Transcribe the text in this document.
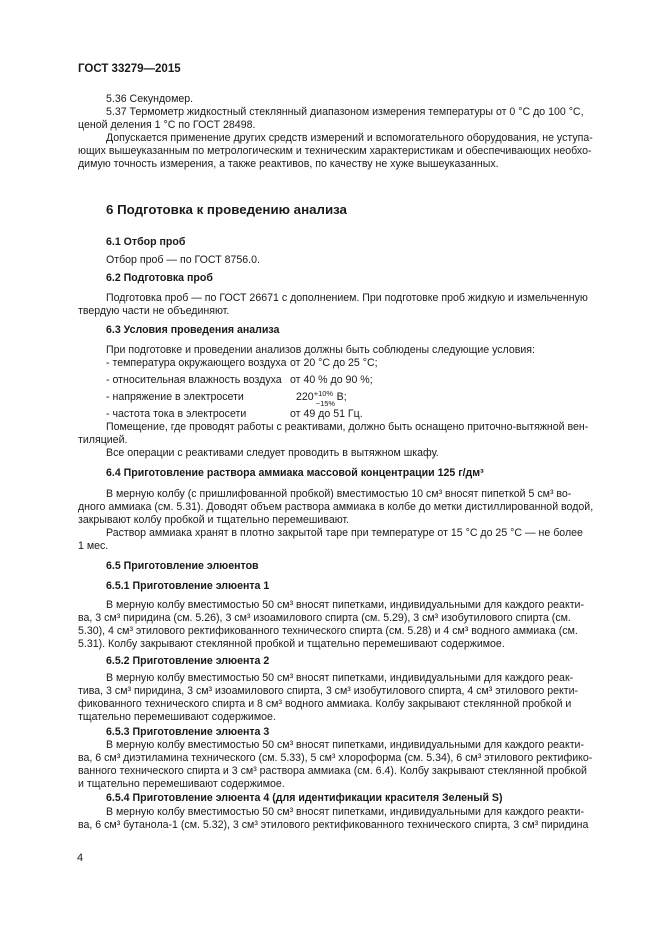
ГОСТ 33279—2015
6 Подготовка к проведению анализа
5.36 Секундомер.
5.37 Термометр жидкостный стеклянный диапазоном измерения температуры от 0 °C до 100 °C,
ценой деления 1 °C по ГОСТ 28498.
Допускается применение других средств измерений и вспомогательного оборудования, не уступа-
ющих вышеуказанным по метрологическим и техническим характеристикам и обеспечивающих необхо-
димую точность измерения, а также реактивов, по качеству не хуже вышеуказанных.
6.1 Отбор проб
Отбор проб — по ГОСТ 8756.0.
6.2 Подготовка проб
Подготовка проб — по ГОСТ 26671 с дополнением. При подготовке проб жидкую и измельченную
твердую части не объединяют.
6.3 Условия проведения анализа
При подготовке и проведении анализов должны быть соблюдены следующие условия:
- температура окружающего воздуха от 20 °C до 25 °C;
- относительная влажность воздуха от 40 % до 90 %;
- напряжение в электросети
- частота тока в электросети	от 49 до 51 Гц.
Помещение, где проводят работы с реактивами, должно быть оснащено приточно-вытяжной вен-
тиляцией.
Все операции с реактивами следует проводить в вытяжном шкафу.
6.4 Приготовление раствора аммиака массовой концентрации 125 г/дм³
В мерную колбу (с пришлифованной пробкой) вместимостью 10 см³ вносят пипеткой 5 см³ во-
дного аммиака (см. 5.31). Доводят объем раствора аммиака в колбе до метки дистиллированной водой,
закрывают колбу пробкой и тщательно перемешивают.
Раствор аммиака хранят в плотно закрытой таре при температуре от 15 °C до 25 °C — не более
1 мес.
6.5 Приготовление элюентов
6.5.1 Приготовление элюента 1
В мерную колбу вместимостью 50 см³ вносят пипетками, индивидуальными для каждого реакти-
ва, 3 см³ пиридина (см. 5.26), 3 см³ изоамилового спирта (см. 5.29), 3 см³ изобутилового спирта (см.
5.30), 4 см³ этилового ректификованного технического спирта (см. 5.28) и 4 см³ водного аммиака (см.
5.31). Колбу закрывают стеклянной пробкой и тщательно перемешивают содержимое.
6.5.2 Приготовление элюента 2
В мерную колбу вместимостью 50 см³ вносят пипетками, индивидуальными для каждого реак-
тива, 3 см³ пиридина, 3 см³ изоамилового спирта, 3 см³ изобутилового спирта, 4 см³ этилового ректи-
фикованного технического спирта и 8 см³ водного аммиака. Колбу закрывают стеклянной пробкой и
тщательно перемешивают содержимое.
6.5.3 Приготовление элюента 3
В мерную колбу вместимостью 50 см³ вносят пипетками, индивидуальными для каждого реакти-
ва, 6 см³ диэтиламина технического (см. 5.33), 5 см³ хлороформа (см. 5.34), 6 см³ этилового ректифико-
ванного технического спирта и 3 см³ раствора аммиака (см. 6.4). Колбу закрывают стеклянной пробкой
и тщательно перемешивают содержимое.
6.5.4 Приготовление элюента 4 (для идентификации красителя Зеленый S)
В мерную колбу вместимостью 50 см³ вносят пипетками, индивидуальными для каждого реакти-
ва, 6 см³ бутанола-1 (см. 5.32), 3 см³ этилового ректификованного технического спирта, 3 см³ пиридина
220 +10%
−15%
В;
4
